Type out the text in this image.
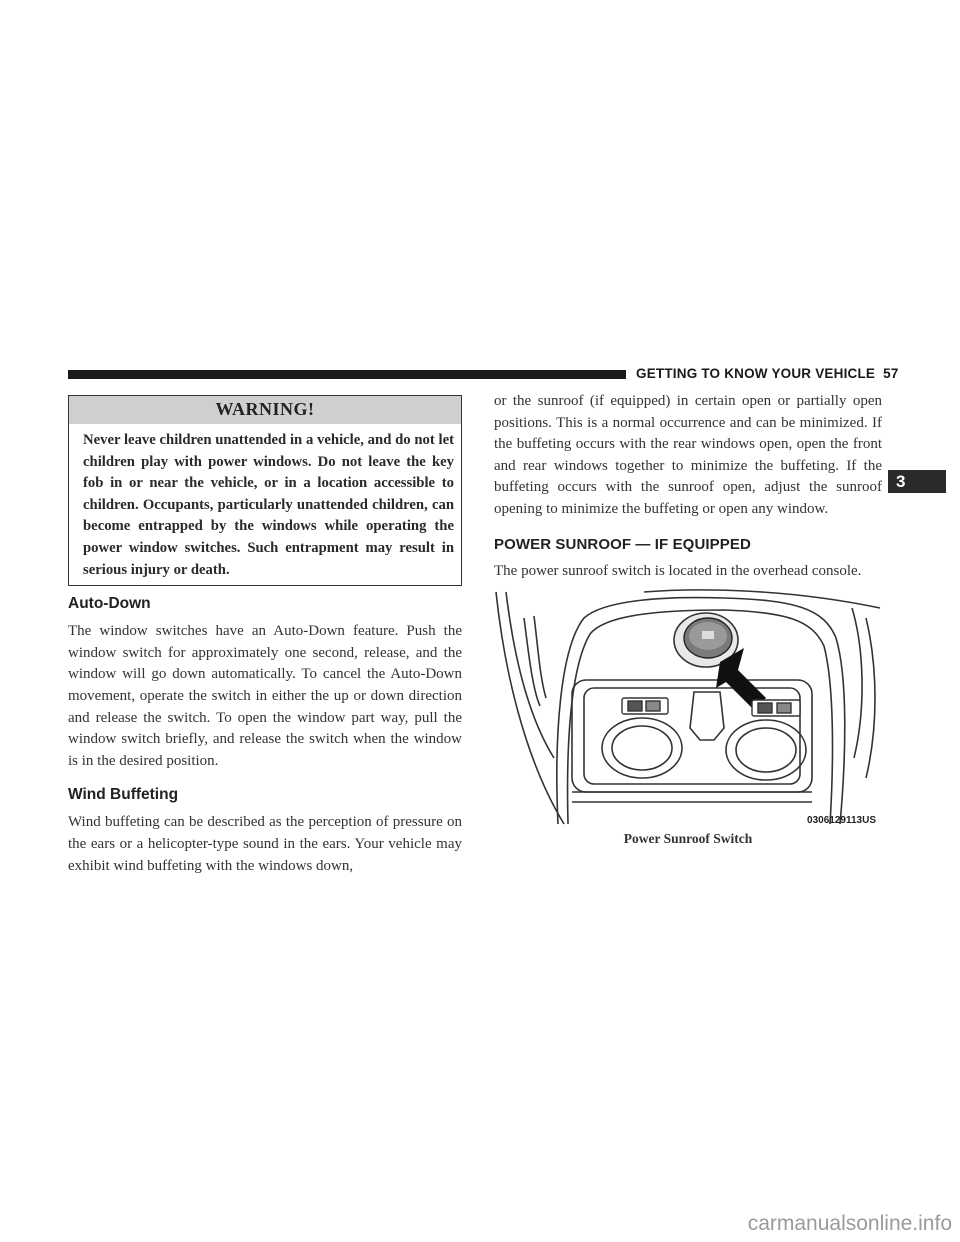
GETTING TO KNOW YOUR VEHICLE 57
3
WARNING!
Never leave children unattended in a vehicle, and do not let children play with power windows. Do not leave the key fob in or near the vehicle, or in a location accessible to children. Occupants, particularly unattended children, can become entrapped by the windows while operating the power window switches. Such entrapment may result in serious injury or death.
Auto-Down

The window switches have an Auto-Down feature. Push the window switch for approximately one second, release, and the window will go down automatically. To cancel the Auto-Down movement, operate the switch in either the up or down direction and release the switch. To open the window part way, pull the window switch briefly, and release the switch when the window is in the desired position.

Wind Buffeting

Wind buffeting can be described as the perception of pressure on the ears or a helicopter-type sound in the ears. Your vehicle may exhibit wind buffeting with the windows down,

or the sunroof (if equipped) in certain open or partially open positions. This is a normal occurrence and can be minimized. If the buffeting occurs with the rear windows open, open the front and rear windows together to minimize the buffeting. If the buffeting occurs with the sunroof open, adjust the sunroof opening to minimize the buffeting or open any window.

POWER SUNROOF — IF EQUIPPED

The power sunroof switch is located in the overhead console.

0306129113US
Power Sunroof Switch
carmanualsonline.info
